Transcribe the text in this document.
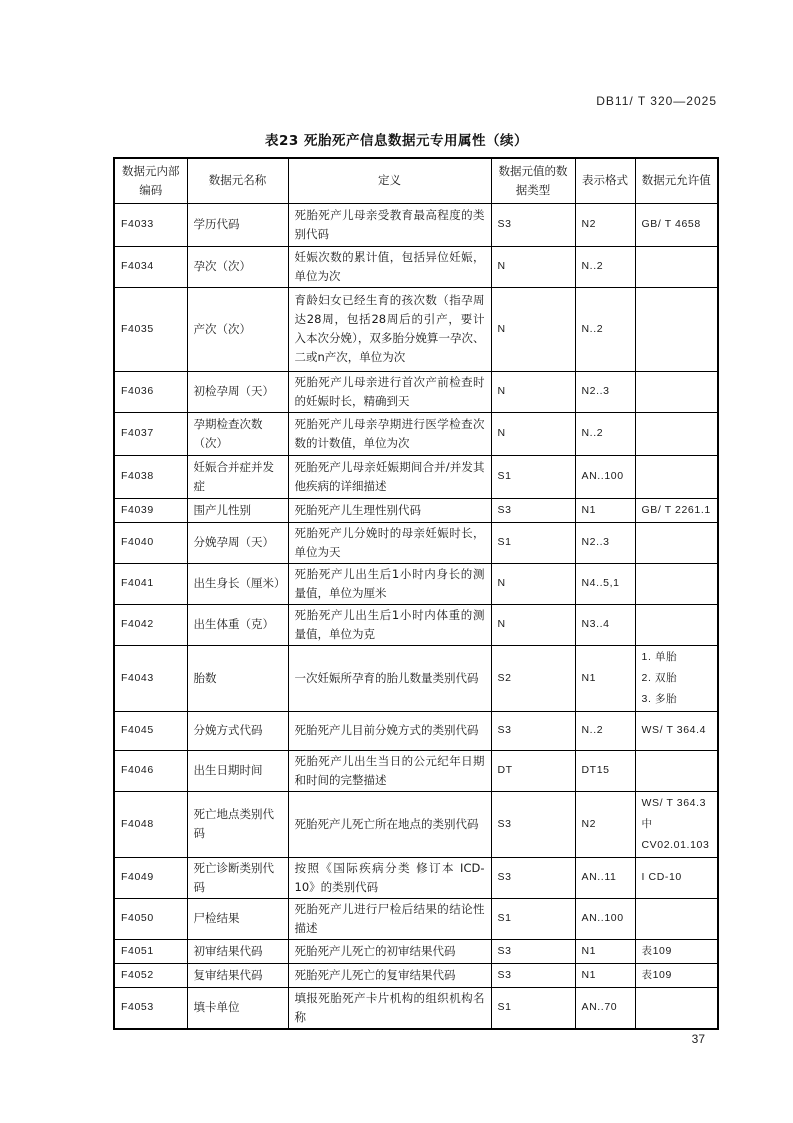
DB11/ T 320—2025
表23 死胎死产信息数据元专用属性（续）
数据元内部编码	数据元名称	定义	数据元值的数据类型	表示格式	数据元允许值
F4033	学历代码	死胎死产儿母亲受教育最高程度的类别代码	S3	N2	GB/ T 4658

F4034	孕次（次）	妊娠次数的累计值，包括异位妊娠，单位为次	N	N..2	
F4035	产次（次）	育龄妇女已经生育的孩次数（指孕周达28周，包括28周后的引产，要计入本次分娩），双多胎分娩算一孕次、二或n产次，单位为次	N	N..2	
F4036	初检孕周（天）	死胎死产儿母亲进行首次产前检查时的妊娠时长，精确到天	N	N2..3	
F4037	孕期检查次数（次）	死胎死产儿母亲孕期进行医学检查次数的计数值，单位为次	N	N..2	
F4038	妊娠合并症并发症	死胎死产儿母亲妊娠期间合并/并发其他疾病的详细描述	S1	AN..100	
F4039	围产儿性别	死胎死产儿生理性别代码	S3	N1	GB/ T 2261.1

F4040	分娩孕周（天）	死胎死产儿分娩时的母亲妊娠时长，单位为天	S1	N2..3	
F4041	出生身长（厘米）	死胎死产儿出生后1小时内身长的测量值，单位为厘米	N	N4..5,1	
F4042	出生体重（克）	死胎死产儿出生后1小时内体重的测量值，单位为克	N	N3..4	
F4043	胎数	一次妊娠所孕育的胎儿数量类别代码	S2	N1	1. 单胎
2. 双胎
3. 多胎

F4045	分娩方式代码	死胎死产儿目前分娩方式的类别代码	S3	N..2	WS/ T 364.4

F4046	出生日期时间	死胎死产儿出生当日的公元纪年日期和时间的完整描述	DT	DT15	
F4048	死亡地点类别代码	死胎死产儿死亡所在地点的类别代码	S3	N2	WS/ T 364.3 中
CV02.01.103

F4049	死亡诊断类别代码	按照《国际疾病分类 修订本 ICD-10》的类别代码	S3	AN..11	I CD-10

F4050	尸检结果	死胎死产儿进行尸检后结果的结论性描述	S1	AN..100	
F4051	初审结果代码	死胎死产儿死亡的初审结果代码	S3	N1	表109

F4052	复审结果代码	死胎死产儿死亡的复审结果代码	S3	N1	表109

F4053	填卡单位	填报死胎死产卡片机构的组织机构名称	S1	AN..70	
37
